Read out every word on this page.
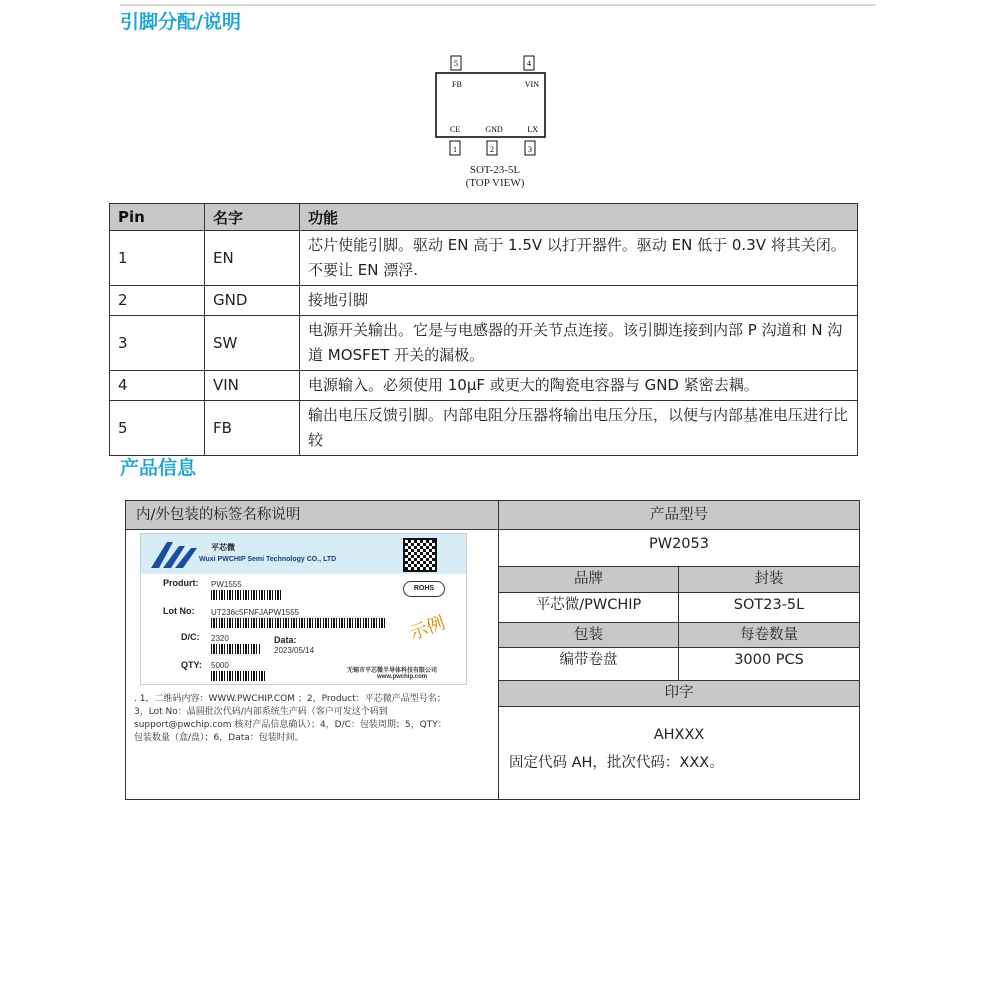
引脚分配/说明
5	4
1	2	3
FB	VIN
CE	GND	LX
SOT-23-5L
(TOP VIEW)
Pin	名字	功能
1	EN	芯片使能引脚。驱动 EN 高于 1.5V 以打开器件。驱动 EN 低于 0.3V 将其关闭。不要让 EN 漂浮.
2	GND	接地引脚
3	SW	电源开关输出。它是与电感器的开关节点连接。该引脚连接到内部 P 沟道和 N 沟道 MOSFET 开关的漏极。
4	VIN	电源输入。必须使用 10μF 或更大的陶瓷电容器与 GND 紧密去耦。
5	FB	输出电压反馈引脚。内部电阻分压器将输出电压分压，以便与内部基准电压进行比较
产品信息
内/外包装的标签名称说明
平芯微
Wuxi PWCHIP Semi Technology CO., LTD
Produrt: PW1555	ROHS
Lot No: UT236c5FNFJAPW1555	示例
D/C: 2320	Data:
2023/05/14
QTY: 5000
无锡市平芯微半导体科技有限公司
www.pwchip.com
. 1，二维码内容：WWW.PWCHIP.COM ；2，Product：平芯微产品型号名；
3，Lot No：晶圆批次代码/内部系统生产码（客户可发这个码到
support@pwchip.com 核对产品信息确认）；4，D/C：包装周期；5，QTY：
包装数量（盒/盘）；6，Data：包装时间。
产品型号
PW2053
品牌	封装
平芯微/PWCHIP	SOT23-5L
包装	每卷数量
编带卷盘	3000 PCS
印字
AHXXX
固定代码 AH，批次代码：XXX。
